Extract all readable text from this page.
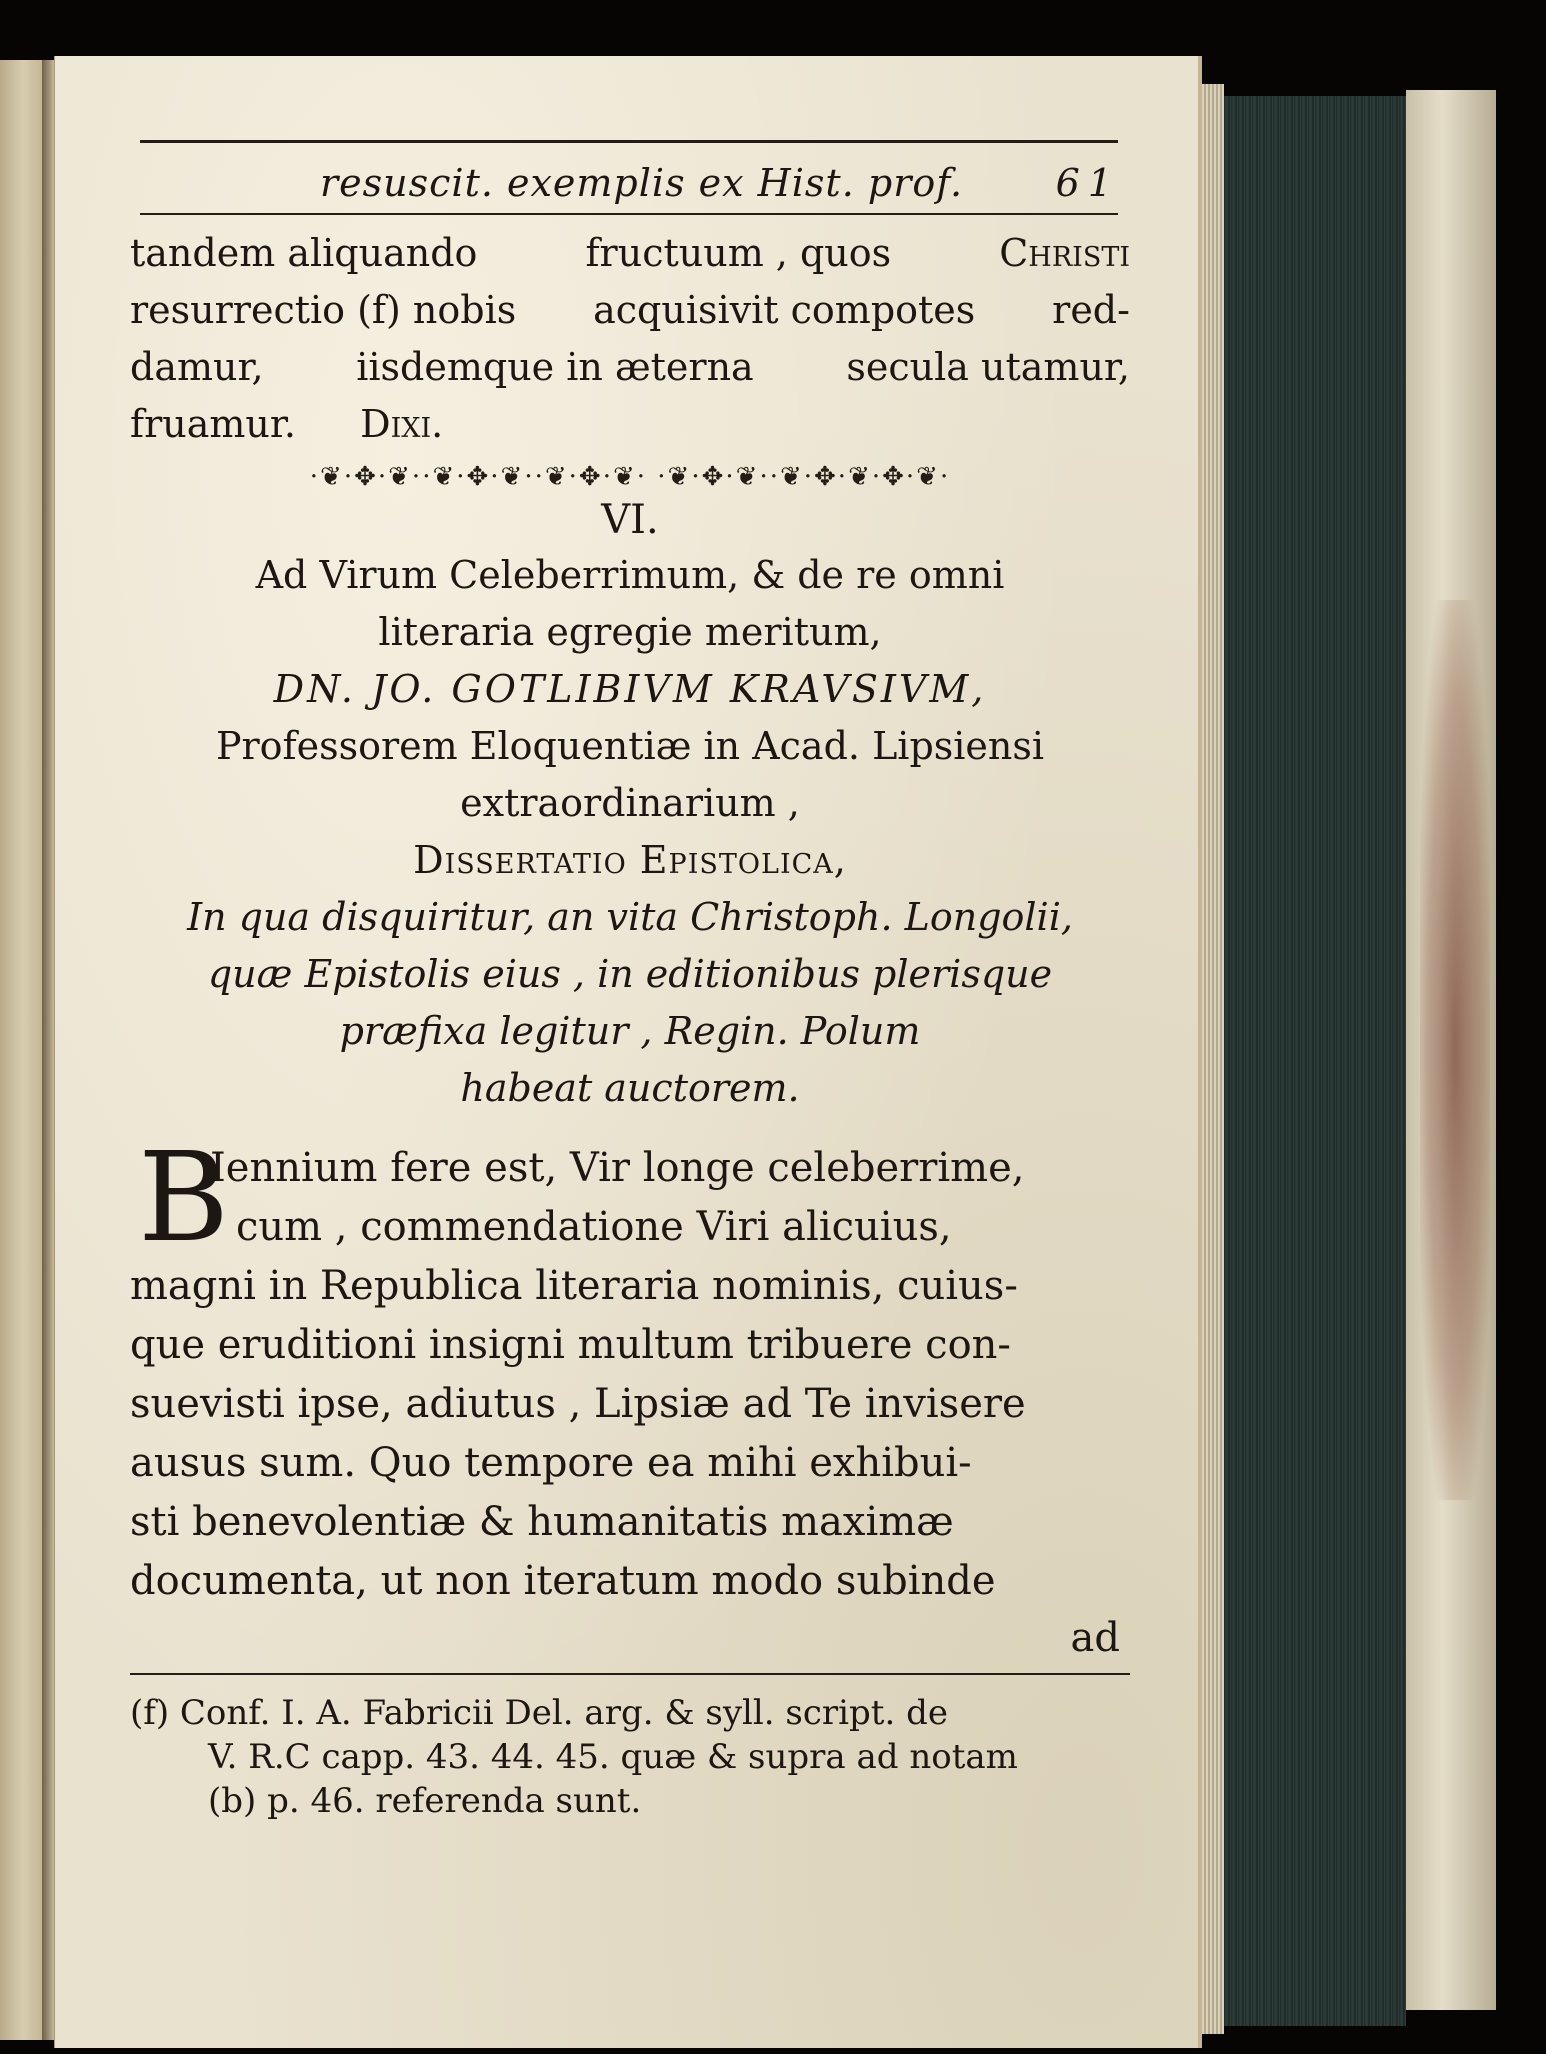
resuscit. exemplis ex Hist. prof. 61
tandem aliquando	fructuum , quos	Christi
resurrectio (f) nobis acquisivit compotes red-
damur, iisdemque in æterna secula utamur,
fruamur. Dixi.
·❦·✥·❦··❦·✥·❦··❦·✥·❦· ·❦·✥·❦··❦·✥·❦·✥·❦·
VI.
Ad Virum Celeberrimum, & de re omni
literaria egregie meritum,
DN. JO. GOTLIBIVM KRAVSIVM,
Professorem Eloquentiæ in Acad. Lipsiensi
extraordinarium ,
Dissertatio Epistolica,
In qua disquiritur, an vita Christoph. Longolii,
quæ Epistolis eius , in editionibus plerisque
præfixa legitur , Regin. Polum
habeat auctorem.
B
Iennium fere est, Vir longe celeberrime,
cum , commendatione Viri alicuius,
magni in Republica literaria nominis, cuius-
que eruditioni insigni multum tribuere con-
suevisti ipse, adiutus , Lipsiæ ad Te invisere
ausus sum. Quo tempore ea mihi exhibui-
sti benevolentiæ & humanitatis maximæ
documenta, ut non iteratum modo subinde
ad
(f) Conf. I. A. Fabricii Del. arg. & syll. script. de
V. R.C capp. 43. 44. 45. quæ & supra ad notam
(b) p. 46. referenda sunt.
